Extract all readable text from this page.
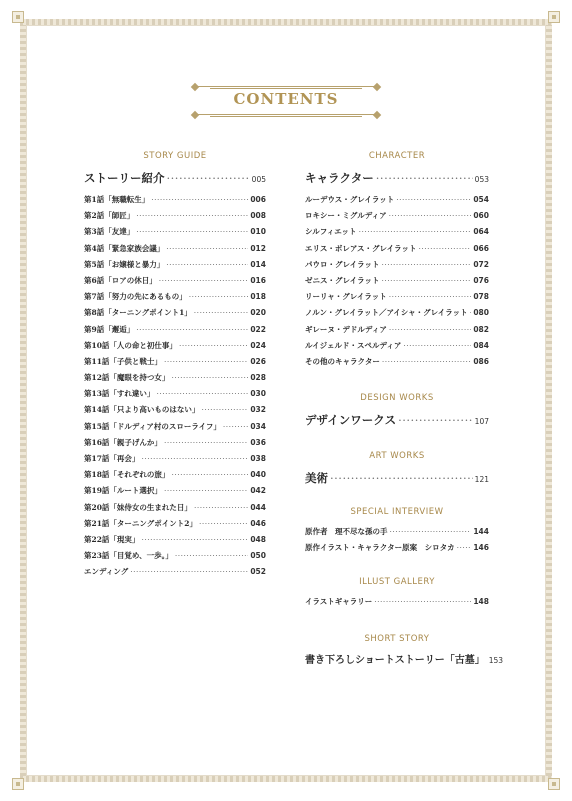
CONTENTS
STORY GUIDE
ストーリー紹介 ·····	005
第1話「無職転生」 ·····	006
第2話「師匠」 ·····	008
第3話「友達」 ·····	010
第4話「緊急家族会議」 ·····	012
第5話「お嬢様と暴力」 ·····	014
第6話「ロアの休日」 ·····	016
第7話「努力の先にあるもの」 ·····	018
第8話「ターニングポイント1」 ·····	020
第9話「邂逅」 ·····	022
第10話「人の命と初仕事」 ·····	024
第11話「子供と戦士」 ·····	026
第12話「魔眼を持つ女」 ·····	028
第13話「すれ違い」 ·····	030
第14話「只より高いものはない」 ·····	032
第15話「ドルディア村のスローライフ」 ·····	034
第16話「親子げんか」 ·····	036
第17話「再会」 ·····	038
第18話「それぞれの旅」 ·····	040
第19話「ルート選択」 ·····	042
第20話「妹侍女の生まれた日」 ·····	044
第21話「ターニングポイント2」 ·····	046
第22話「現実」 ·····	048
第23話「目覚め、一歩。」 ·····	050
エンディング ·····	052
CHARACTER
キャラクター ·····	053
ルーデウス・グレイラット ·····	054
ロキシー・ミグルディア ·····	060
シルフィエット ·····	064
エリス・ボレアス・グレイラット ·····	066
パウロ・グレイラット ·····	072
ゼニス・グレイラット ·····	076
リーリャ・グレイラット ·····	078
ノルン・グレイラット／アイシャ・グレイラット ····· 080
ギレーヌ・デドルディア ·····	082
ルイジェルド・スペルディア ·····	084
その他のキャラクター ·····	086
DESIGN WORKS
デザインワークス ·····	107
ART WORKS
美術 ·····	121
SPECIAL INTERVIEW
原作者　理不尽な孫の手 ·····	144
原作イラスト・キャラクター原案　シロタカ ····· 146
ILLUST GALLERY
イラストギャラリー ·····	148
SHORT STORY
書き下ろしショートストーリー「古墓」 153
